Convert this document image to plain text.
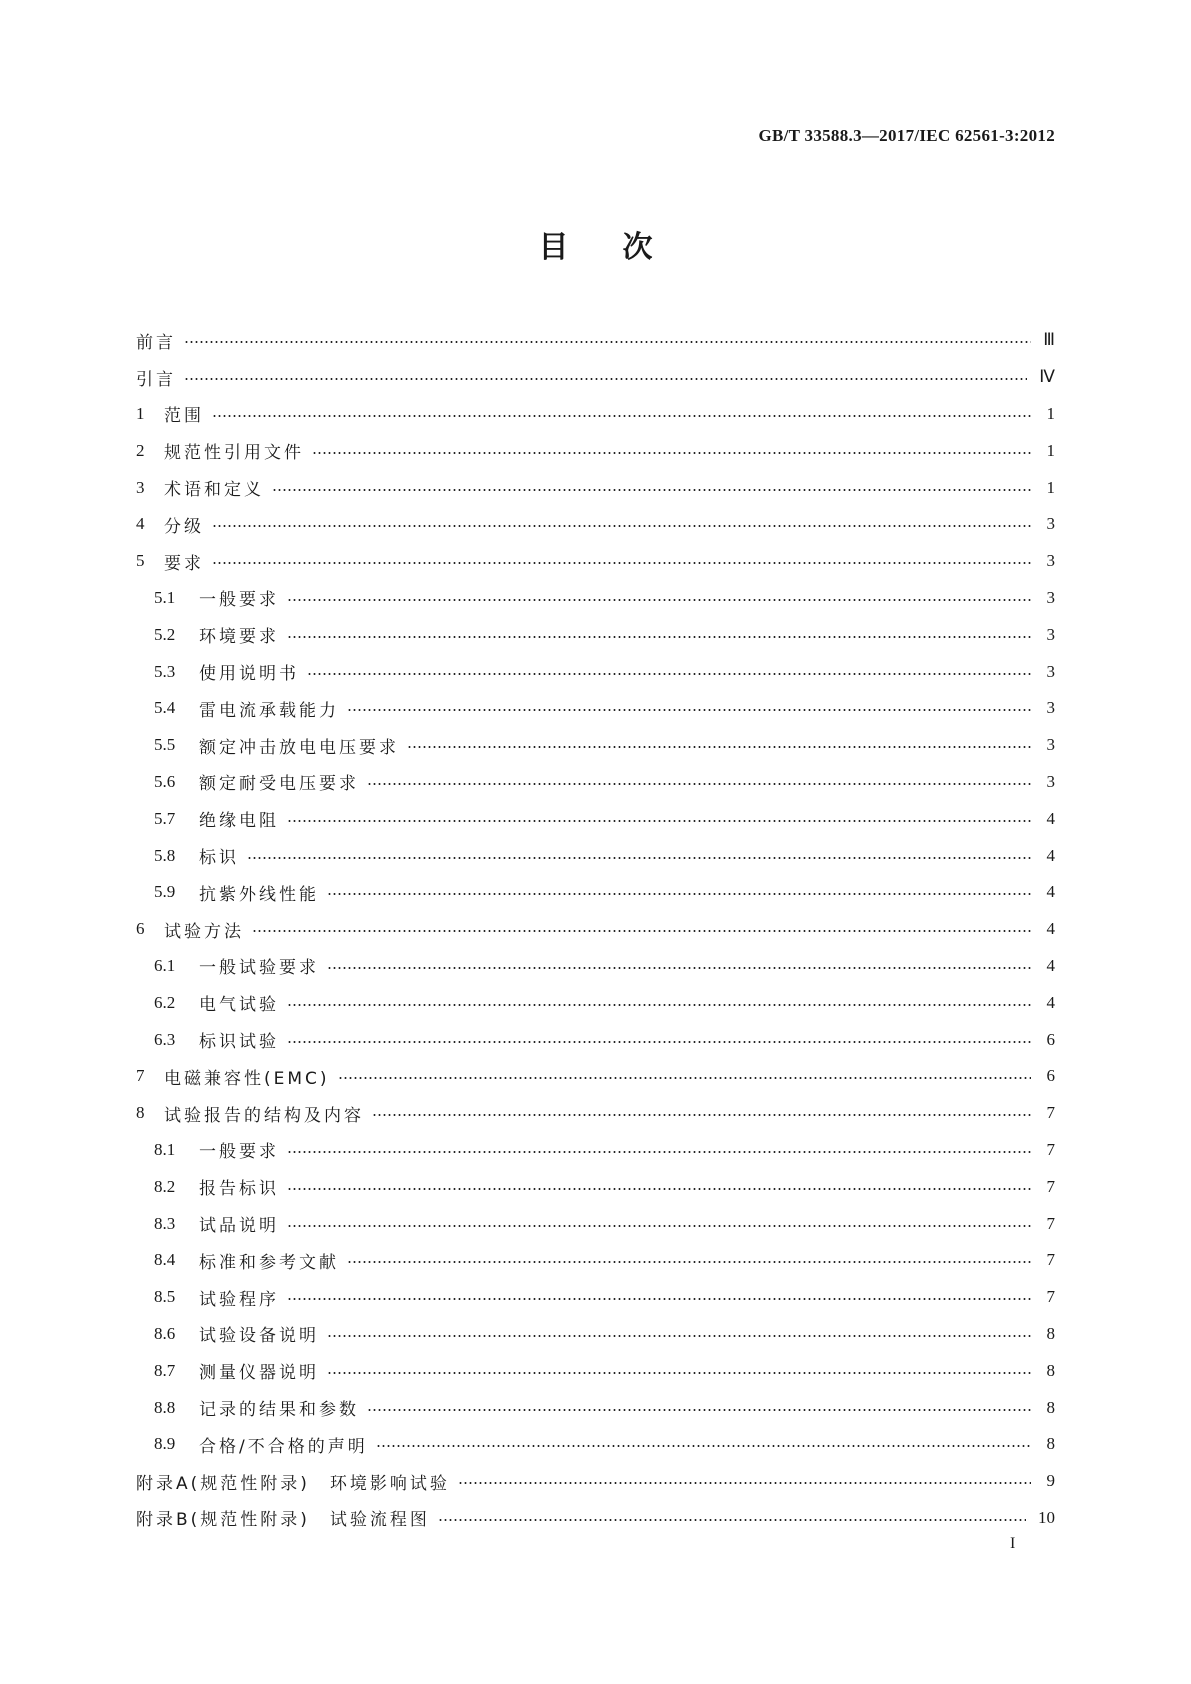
GB/T 33588.3—2017/IEC 62561-3:2012
目次
前言	Ⅲ
引言	Ⅳ
1	范围	1
2	规范性引用文件	1
3	术语和定义	1
4	分级	3
5	要求	3
5.1	一般要求	3
5.2	环境要求	3
5.3	使用说明书	3
5.4	雷电流承载能力	3
5.5	额定冲击放电电压要求	3
5.6	额定耐受电压要求	3
5.7	绝缘电阻	4
5.8	标识	4
5.9	抗紫外线性能	4
6	试验方法	4
6.1	一般试验要求	4
6.2	电气试验	4
6.3	标识试验	6
7	电磁兼容性(EMC)	6
8	试验报告的结构及内容	7
8.1	一般要求	7
8.2	报告标识	7
8.3	试品说明	7
8.4	标准和参考文献	7
8.5	试验程序	7
8.6	试验设备说明	8
8.7	测量仪器说明	8
8.8	记录的结果和参数	8
8.9	合格/不合格的声明	8
附录A(规范性附录)　环境影响试验	9
附录B(规范性附录)　试验流程图	10
I
